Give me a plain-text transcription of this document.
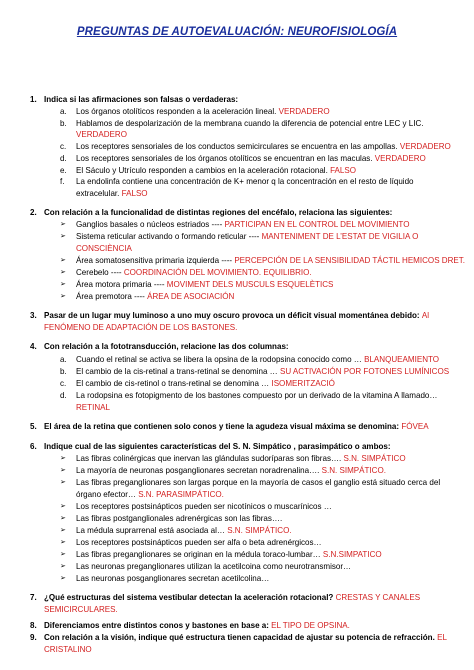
PREGUNTAS DE AUTOEVALUACIÓN: NEUROFISIOLOGÍA
1. Indica si las afirmaciones son falsas o verdaderas:
a. Los órganos otolíticos responden a la aceleración lineal. VERDADERO
b. Hablamos de despolarización de la membrana cuando la diferencia de potencial entre LEC y LIC.
VERDADERO
c. Los receptores sensoriales de los conductos semicirculares se encuentra en las ampollas. VERDADERO
d. Los receptores sensoriales de los órganos otolíticos se encuentran en las maculas. VERDADERO
e. El Sáculo y Utrículo responden a cambios en la aceleración rotacional. FALSO
f. La endolinfa contiene una concentración de K+ menor q la concentración en el resto de líquido
extracelular. FALSO
2. Con relación a la funcionalidad de distintas regiones del encéfalo, relaciona las siguientes:
➢ Ganglios basales o núcleos estriados ---- PARTICIPAN EN EL CONTROL DEL MOVIMIENTO
➢ Sistema reticular activando o formando reticular ---- MANTENIMENT DE L’ESTAT DE VIGILIA O
CONSCIÈNCIA
➢ Área somatosensitiva primaria izquierda ---- PERCEPCIÓN DE LA SENSIBILIDAD TÁCTIL HEMICOS DRET.
➢ Cerebelo ---- COORDINACIÓN DEL MOVIMIENTO. EQUILIBRIO.
➢ Área motora primaria ---- MOVIMENT DELS MUSCULS ESQUELÈTICS
➢ Área premotora ---- ÁREA DE ASOCIACIÓN
3. Pasar de un lugar muy luminoso a uno muy oscuro provoca un déficit visual momentánea debido: Al
FENÓMENO DE ADAPTACIÓN DE LOS BASTONES.
4. Con relación a la fototransducción, relacione las dos columnas:
a. Cuando el retinal se activa se libera la opsina de la rodopsina conocido como … BLANQUEAMIENTO
b. El cambio de la cis-retinal a trans-retinal se denomina … SU ACTIVACIÓN POR FOTONES LUMÍNICOS
c. El cambio de cis-retinol o trans-retinal se denomina … ISOMERITZACIÓ
d. La rodopsina es fotopigmento de los bastones compuesto por un derivado de la vitamina A llamado…
RETINAL
5. El área de la retina que contienen solo conos y tiene la agudeza visual máxima se denomina: FÓVEA
6. Indique cual de las siguientes características del S. N. Simpático , parasimpático o ambos:
➢ Las fibras colinérgicas que inervan las glándulas sudoríparas son fibras…. S.N. SIMPÁTICO
➢ La mayoría de neuronas posganglionares secretan noradrenalina…. S.N. SIMPÁTICO.
➢ Las fibras preganglionares son largas porque en la mayoría de casos el ganglio está situado cerca del
órgano efector… S.N. PARASIMPÁTICO.
➢ Los receptores postsinápticos pueden ser nicotínicos o muscarínicos …
➢ Las fibras postganglionales adrenérgicas son las fibras….
➢ La médula suprarrenal está asociada al… S.N. SIMPÁTICO.
➢ Los receptores postsinápticos pueden ser alfa o beta adrenérgicos…
➢ Las fibras preganglionares se originan en la médula toraco-lumbar… S.N.SIMPATICO
➢ Las neuronas preganglionares utilizan la acetilcoina como neurotransmisor…
➢ Las neuronas posganglionares secretan acetilcolina…
7. ¿Qué estructuras del sistema vestibular detectan la aceleración rotacional? CRESTAS Y CANALES
SEMICIRCULARES.
8. Diferenciamos entre distintos conos y bastones en base a: EL TIPO DE OPSINA.
9. Con relación a la visión, indique qué estructura tienen capacidad de ajustar su potencia de refracción. EL
CRISTALINO
